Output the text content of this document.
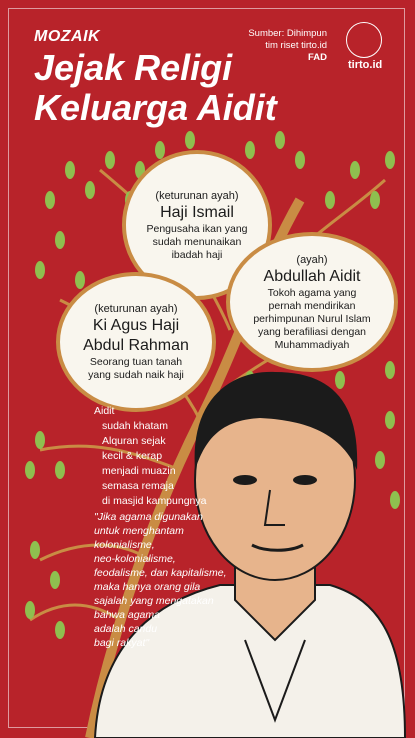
MOZAIK
Jejak Religi
Keluarga Aidit
Sumber: Dihimpun
tim riset tirto.id
FAD
tirto.id
(keturunan ayah)
Haji Ismail
Pengusaha ikan yang
sudah menunaikan
ibadah haji	(ayah)
Abdullah Aidit
Tokoh agama yang
pernah mendirikan
perhimpunan Nurul Islam
yang berafiliasi dengan
Muhammadiyah
(keturunan ayah)
Ki Agus Haji
Abdul Rahman
Seorang tuan tanah
yang sudah naik haji
Aidit
sudah khatam
Alquran sejak
kecil & kerap
menjadi muazin
semasa remaja
di masjid kampungnya
"Jika agama digunakan
untuk menghantam
kolonialisme,
neo-kolonialisme,
feodalisme, dan kapitalisme,
maka hanya orang gila
sajalah yang mengatakan
bahwa agama
adalah candu
bagi rakyat"
